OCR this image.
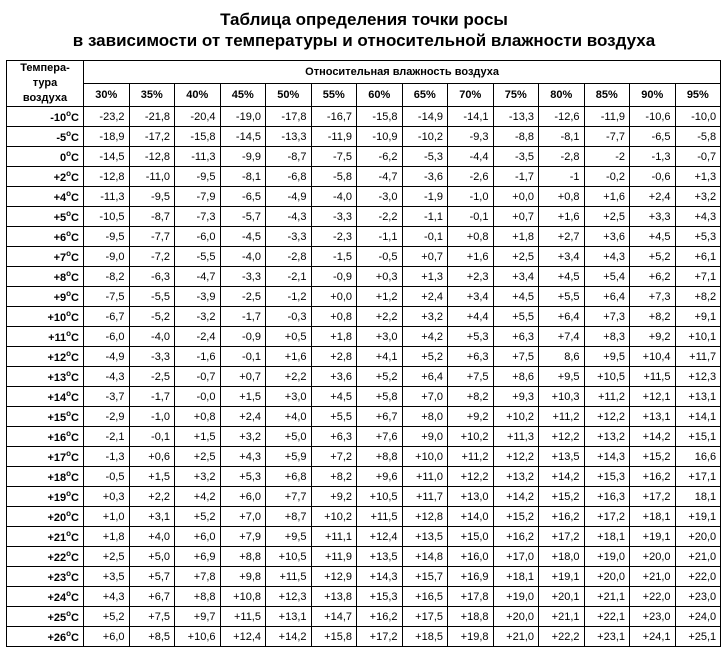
Таблица определения точки росы
в зависимости от температуры и относительной влажности воздуха
Темпера-
тура
воздуха	Относительная влажность воздуха													
	30%	35%	40%	45%	50%	55%	60%	65%	70%	75%	80%	85%	90%	95%
-10$^o$C	-23,2	-21,8	-20,4	-19,0	-17,8	-16,7	-15,8	-14,9	-14,1	-13,3	-12,6	-11,9	-10,6	-10,0
-5$^o$C	-18,9	-17,2	-15,8	-14,5	-13,3	-11,9	-10,9	-10,2	-9,3	-8,8	-8,1	-7,7	-6,5	-5,8
0$^o$C	-14,5	-12,8	-11,3	-9,9	-8,7	-7,5	-6,2	-5,3	-4,4	-3,5	-2,8	-2	-1,3	-0,7
$+2^oC$	-12,8	-11,0	-9,5	-8,1	-6,8	-5,8	-4,7	-3,6	-2,6	-1,7	-1	-0,2	-0,6	+1,3
$+4^oC$	-11,3	-9,5	-7,9	-6,5	-4,9	-4,0	-3,0	-1,9	-1,0	+0,0	+0,8	+1,6	+2,4	+3,2
$+5^oC$	-10,5	-8,7	-7,3	-5,7	-4,3	-3,3	-2,2	-1,1	-0,1	+0,7	+1,6	+2,5	+3,3	+4,3
$+6^oC$	-9,5	-7,7	-6,0	-4,5	-3,3	-2,3	-1,1	-0,1	+0,8	+1,8	+2,7	+3,6	+4,5	+5,3
$+7^oC$	-9,0	-7,2	-5,5	-4,0	-2,8	-1,5	-0,5	+0,7	+1,6	+2,5	+3,4	+4,3	+5,2	+6,1
$+8^oC$	-8,2	-6,3	-4,7	-3,3	-2,1	-0,9	+0,3	+1,3	+2,3	+3,4	+4,5	+5,4	+6,2	+7,1
$+9^oC$	-7,5	-5,5	-3,9	-2,5	-1,2	+0,0	+1,2	+2,4	+3,4	+4,5	+5,5	+6,4	+7,3	+8,2
$+10^oC$	-6,7	-5,2	-3,2	-1,7	-0,3	+0,8	+2,2	+3,2	+4,4	+5,5	+6,4	+7,3	+8,2	+9,1
$+11^oC$	-6,0	-4,0	-2,4	-0,9	+0,5	+1,8	+3,0	+4,2	+5,3	+6,3	+7,4	+8,3	+9,2	+10,1
$+12^oC$	-4,9	-3,3	-1,6	-0,1	+1,6	+2,8	+4,1	+5,2	+6,3	+7,5	8,6	+9,5	+10,4	+11,7
$+13^oC$	-4,3	-2,5	-0,7	+0,7	+2,2	+3,6	+5,2	+6,4	+7,5	+8,6	+9,5	+10,5	+11,5	+12,3
$+14^oC$	-3,7	-1,7	-0,0	+1,5	+3,0	+4,5	+5,8	+7,0	+8,2	+9,3	+10,3	+11,2	+12,1	+13,1
$+15^oC$	-2,9	-1,0	+0,8	+2,4	+4,0	+5,5	+6,7	+8,0	+9,2	+10,2	+11,2	+12,2	+13,1	+14,1
$+16^oC$	-2,1	-0,1	+1,5	+3,2	+5,0	+6,3	+7,6	+9,0	+10,2	+11,3	+12,2	+13,2	+14,2	+15,1
$+17^oC$	-1,3	+0,6	+2,5	+4,3	+5,9	+7,2	+8,8	+10,0	+11,2	+12,2	+13,5	+14,3	+15,2	16,6
$+18^oC$	-0,5	+1,5	+3,2	+5,3	+6,8	+8,2	+9,6	+11,0	+12,2	+13,2	+14,2	+15,3	+16,2	+17,1
$+19^oC$	+0,3	+2,2	+4,2	+6,0	+7,7	+9,2	+10,5	+11,7	+13,0	+14,2	+15,2	+16,3	+17,2	18,1
$+20^oC$	+1,0	+3,1	+5,2	+7,0	+8,7	+10,2	+11,5	+12,8	+14,0	+15,2	+16,2	+17,2	+18,1	+19,1
$+21^oC$	+1,8	+4,0	+6,0	+7,9	+9,5	+11,1	+12,4	+13,5	+15,0	+16,2	+17,2	+18,1	+19,1	+20,0
$+22^oC$	+2,5	+5,0	+6,9	+8,8	+10,5	+11,9	+13,5	+14,8	+16,0	+17,0	+18,0	+19,0	+20,0	+21,0
$+23^oC$	+3,5	+5,7	+7,8	+9,8	+11,5	+12,9	+14,3	+15,7	+16,9	+18,1	+19,1	+20,0	+21,0	+22,0
$+24^oC$	+4,3	+6,7	+8,8	+10,8	+12,3	+13,8	+15,3	+16,5	+17,8	+19,0	+20,1	+21,1	+22,0	+23,0
$+25^oC$	+5,2	+7,5	+9,7	+11,5	+13,1	+14,7	+16,2	+17,5	+18,8	+20,0	+21,1	+22,1	+23,0	+24,0
$+26^oC$	+6,0	+8,5	+10,6	+12,4	+14,2	+15,8	+17,2	+18,5	+19,8	+21,0	+22,2	+23,1	+24,1	+25,1
